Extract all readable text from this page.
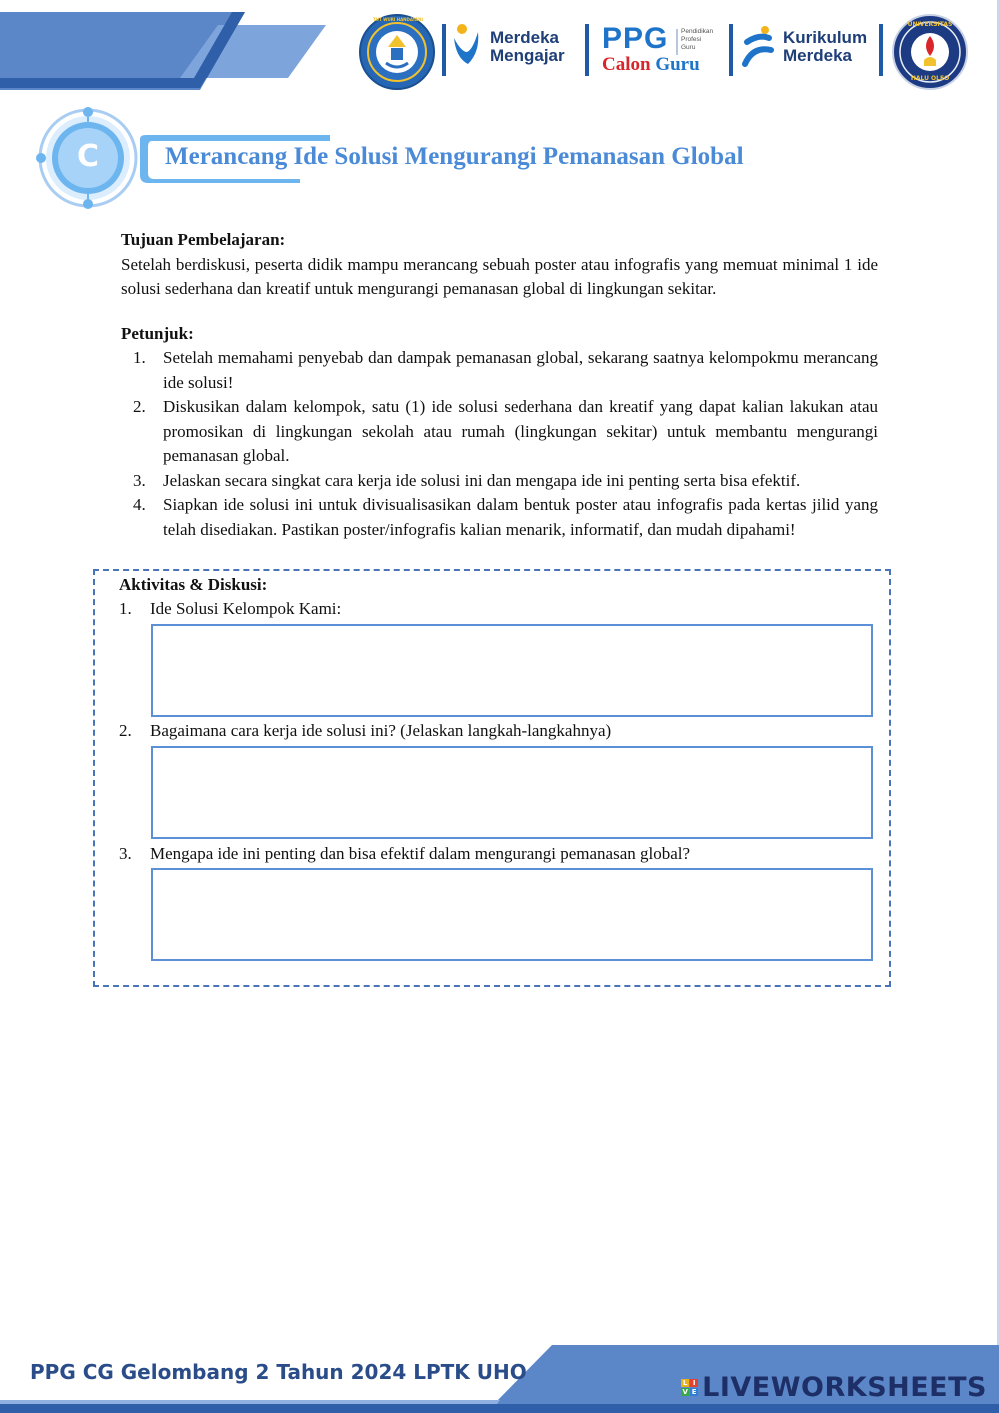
TUT WURI HANDAYANI
Merdeka
Mengajar
PPG Pendidikan
Profesi
Guru
Calon Guru
Kurikulum
Merdeka
UNIVERSITAS
HALU OLEO
C	Merancang Ide Solusi Mengurangi Pemanasan Global
Tujuan Pembelajaran:

Setelah berdiskusi, peserta didik mampu merancang sebuah poster atau infografis yang memuat minimal 1 ide solusi sederhana dan kreatif untuk mengurangi pemanasan global di lingkungan sekitar.

Petunjuk:
1. Setelah memahami penyebab dan dampak pemanasan global, sekarang saatnya kelompokmu merancang ide solusi!
2. Diskusikan dalam kelompok, satu (1) ide solusi sederhana dan kreatif yang dapat kalian lakukan atau promosikan di lingkungan sekolah atau rumah (lingkungan sekitar) untuk membantu mengurangi pemanasan global.
3. Jelaskan secara singkat cara kerja ide solusi ini dan mengapa ide ini penting serta bisa efektif.
4. Siapkan ide solusi ini untuk divisualisasikan dalam bentuk poster atau infografis pada kertas jilid yang telah disediakan. Pastikan poster/infografis kalian menarik, informatif, dan mudah dipahami!
Aktivitas & Diskusi:
1. Ide Solusi Kelompok Kami:
2. Bagaimana cara kerja ide solusi ini? (Jelaskan langkah-langkahnya)
3. Mengapa ide ini penting dan bisa efektif dalam mengurangi pemanasan global?
PPG CG Gelombang 2 Tahun 2024 LPTK UHO	L I
V E LIVEWORKSHEETS
